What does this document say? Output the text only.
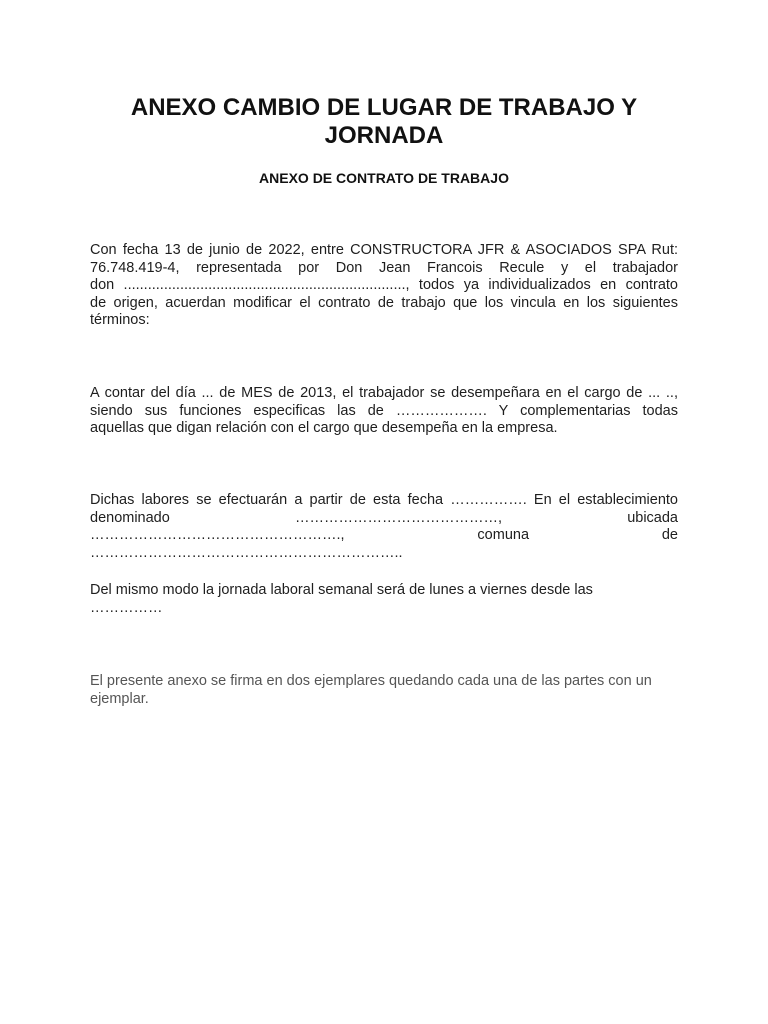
ANEXO CAMBIO DE LUGAR DE TRABAJO Y JORNADA
ANEXO DE CONTRATO DE TRABAJO

Con fecha 13 de junio de 2022, entre CONSTRUCTORA JFR & ASOCIADOS SPA Rut:
76.748.419-4, representada por Don Jean Francois Recule y el trabajador
don ......................................................................, todos ya individualizados en contrato
de origen, acuerdan modificar el contrato de trabajo que los vincula en los siguientes
términos:

A contar del día ... de MES de 2013, el trabajador se desempeñara en el cargo de ... ..,
siendo sus funciones especificas las de ………………. Y complementarias todas
aquellas que digan relación con el cargo que desempeña en la empresa.

Dichas labores se efectuarán a partir de esta fecha ……………. En el establecimiento
denominado ……………………………………, ubicada
……………………………………………., comuna de
………………………………………………………..

Del mismo modo la jornada laboral semanal será de lunes a viernes desde las
……………

El presente anexo se firma en dos ejemplares quedando cada una de las partes con un
ejemplar.
